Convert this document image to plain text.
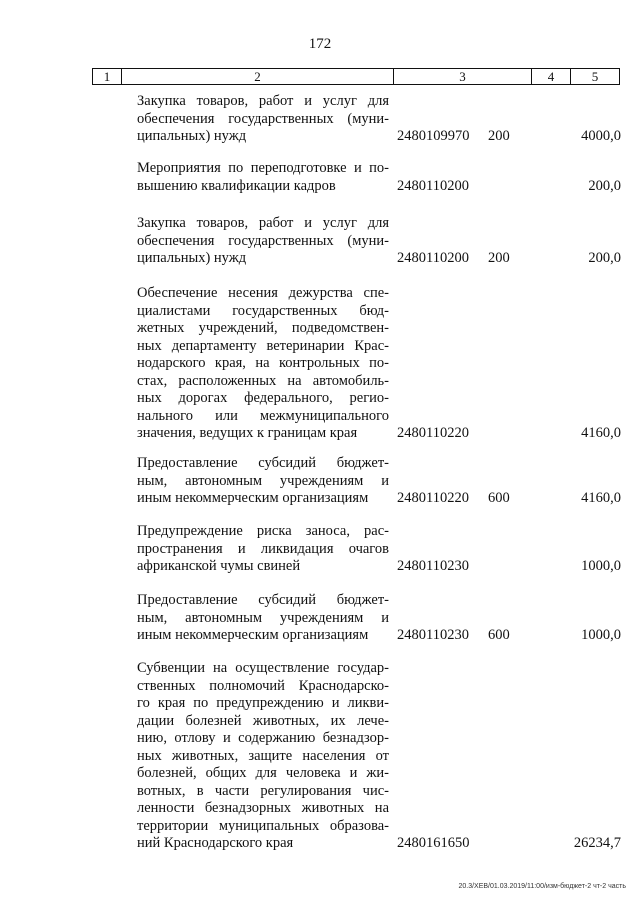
172
1	2	3	4	5
Закупка товаров, работ и услуг для
обеспечения государственных (муни-
ципальных) нужд	2480109970 200	4000,0
Мероприятия по переподготовке и по-
вышению квалификации кадров	2480110200	200,0
Закупка товаров, работ и услуг для
обеспечения государственных (муни-
ципальных) нужд	2480110200 200	200,0
Обеспечение несения дежурства спе-
циалистами государственных бюд-
жетных учреждений, подведомствен-
ных департаменту ветеринарии Крас-
нодарского края, на контрольных по-
стах, расположенных на автомобиль-
ных дорогах федерального, регио-
нального или межмуниципального
значения, ведущих к границам края	2480110220	4160,0
Предоставление субсидий бюджет-
ным, автономным учреждениям и
иным некоммерческим организациям	2480110220 600	4160,0
Предупреждение риска заноса, рас-
пространения и ликвидация очагов
африканской чумы свиней	2480110230	1000,0
Предоставление субсидий бюджет-
ным, автономным учреждениям и
иным некоммерческим организациям	2480110230 600	1000,0
Субвенции на осуществление государ-
ственных полномочий Краснодарско-
го края по предупреждению и ликви-
дации болезней животных, их лече-
нию, отлову и содержанию безнадзор-
ных животных, защите населения от
болезней, общих для человека и жи-
вотных, в части регулирования чис-
ленности безнадзорных животных на
территории муниципальных образова-
ний Краснодарского края	2480161650	26234,7
20.3/ХЕВ/01.03.2019/11:00/изм-бюджет-2 чт-2 часть
